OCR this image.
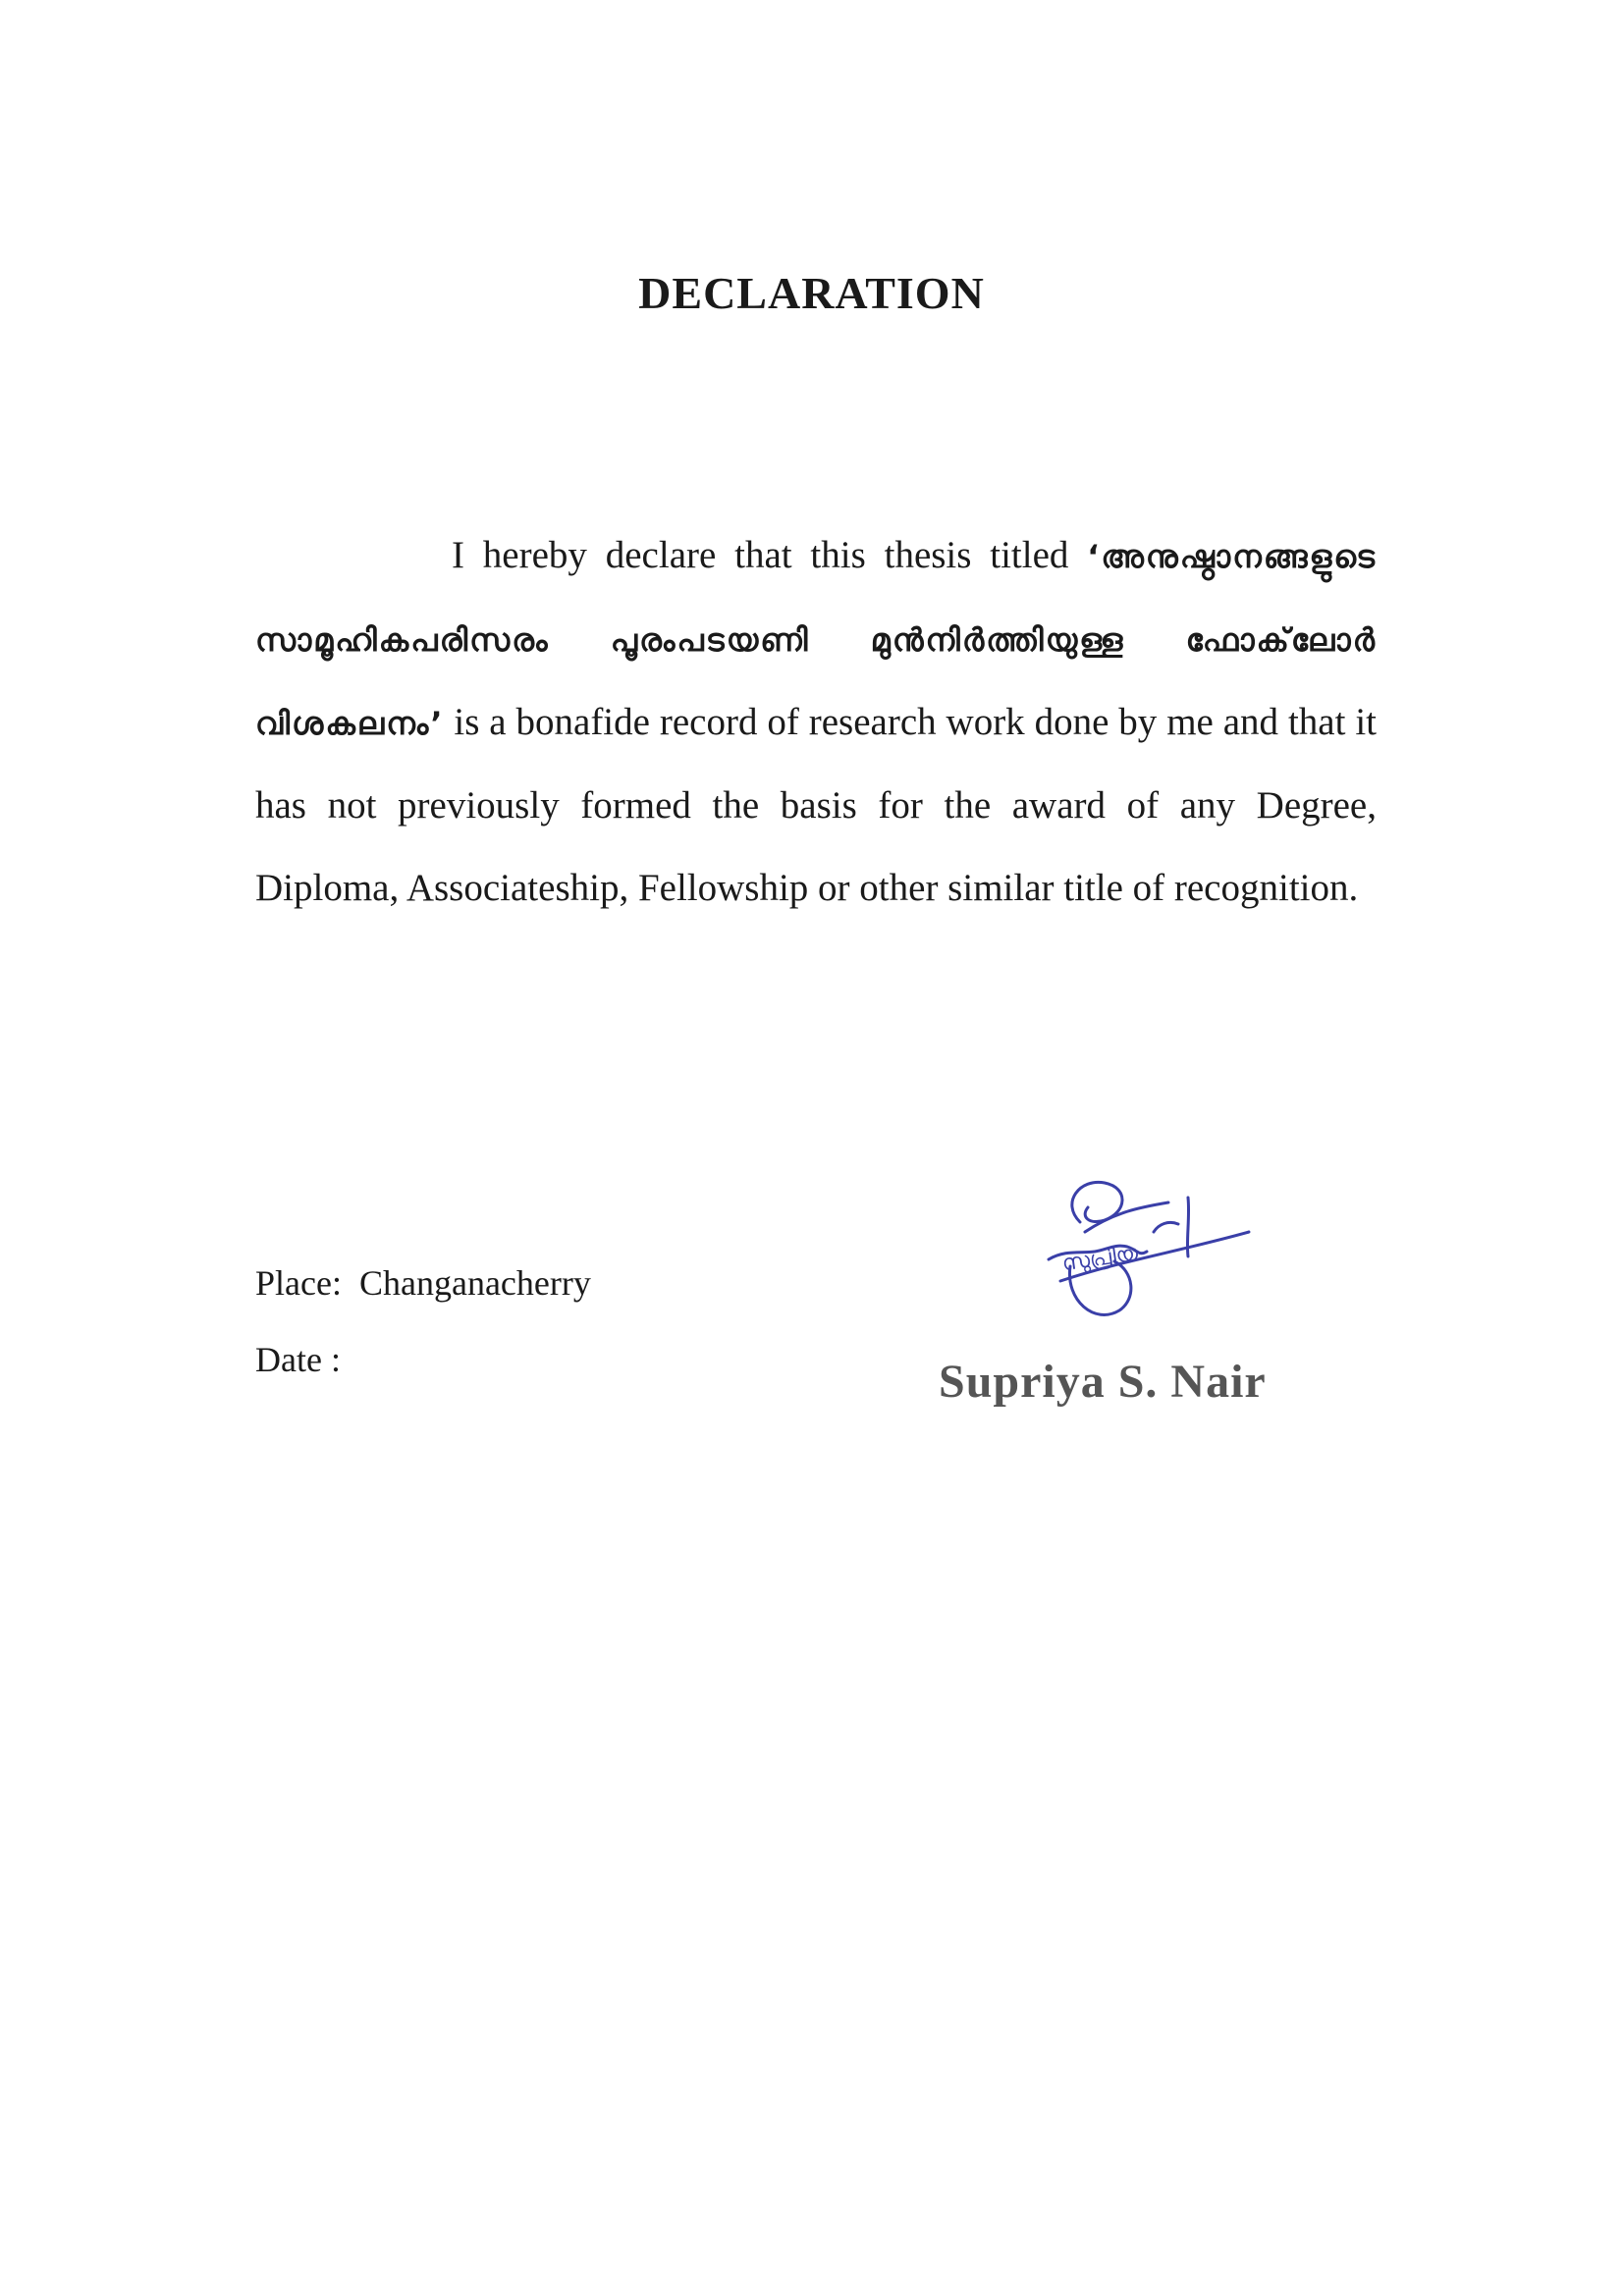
DECLARATION
I hereby declare that this thesis titled ‘അനുഷ്ഠാനങ്ങളുടെ സാമൂഹികപരിസരം പൂരംപടയണി മുൻനിർത്തിയുള്ള ഫോക്‌ലോർ വിശകലനം’ is a bonafide record of research work done by me and that it has not previously formed the basis for the award of any Degree, Diploma, Associateship, Fellowship or other similar title of recognition.
Place: Changanacherry
Date :
സുപ്രിയ
Supriya S. Nair
